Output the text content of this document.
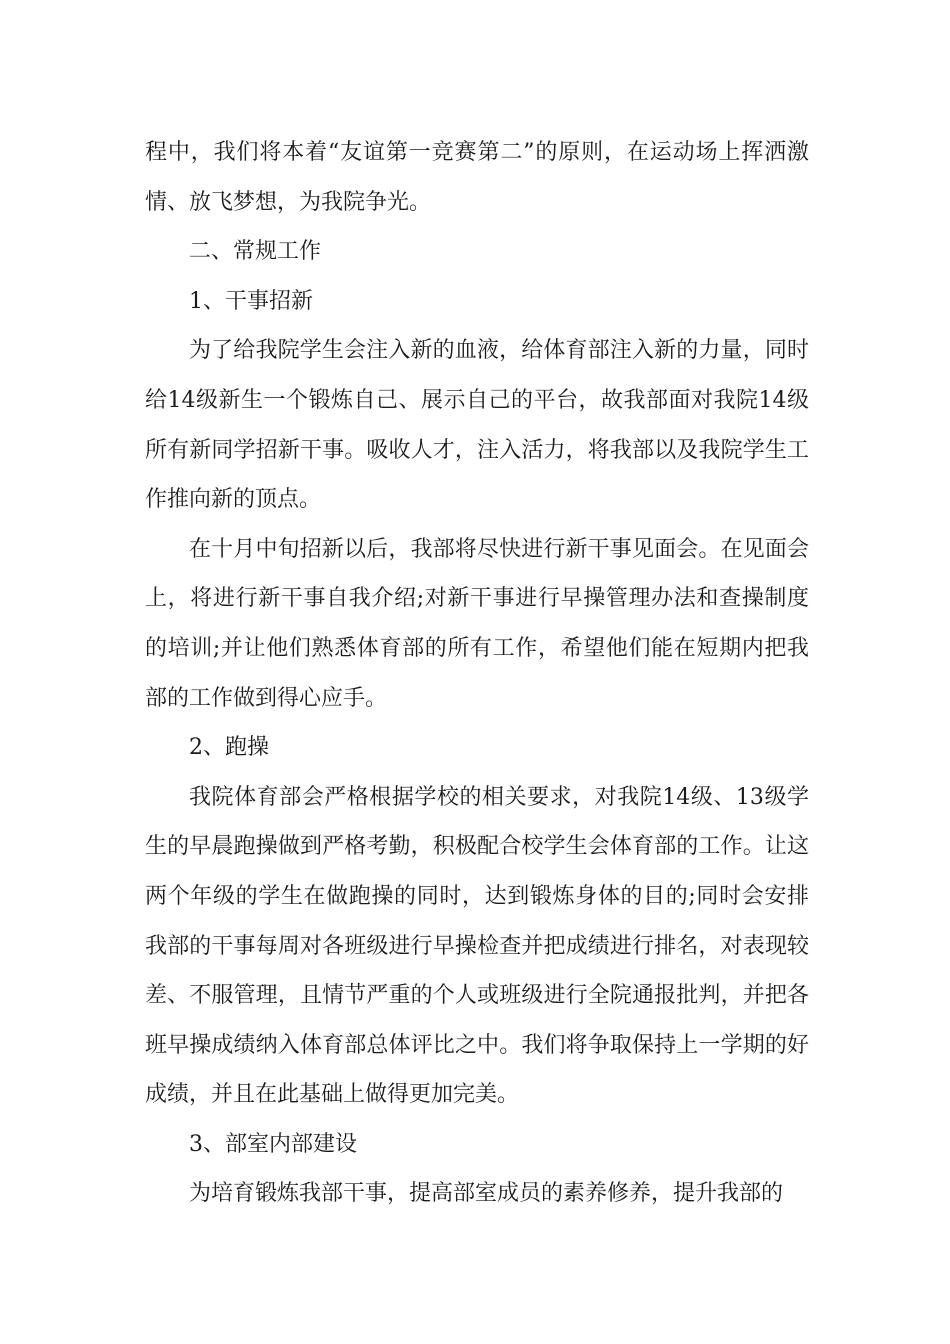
程中，我们将本着“友谊第一竞赛第二”的原则，在运动场上挥洒激情、放飞梦想，为我院争光。

二、常规工作

1、干事招新

为了给我院学生会注入新的血液，给体育部注入新的力量，同时给14级新生一个锻炼自己、展示自己的平台，故我部面对我院14级所有新同学招新干事。吸收人才，注入活力，将我部以及我院学生工作推向新的顶点。

在十月中旬招新以后，我部将尽快进行新干事见面会。在见面会上，将进行新干事自我介绍;对新干事进行早操管理办法和查操制度的培训;并让他们熟悉体育部的所有工作，希望他们能在短期内把我部的工作做到得心应手。

2、跑操

我院体育部会严格根据学校的相关要求，对我院14级、13级学生的早晨跑操做到严格考勤，积极配合校学生会体育部的工作。让这两个年级的学生在做跑操的同时，达到锻炼身体的目的;同时会安排我部的干事每周对各班级进行早操检查并把成绩进行排名，对表现较差、不服管理，且情节严重的个人或班级进行全院通报批判，并把各班早操成绩纳入体育部总体评比之中。我们将争取保持上一学期的好成绩，并且在此基础上做得更加完美。

3、部室内部建设

为培育锻炼我部干事，提高部室成员的素养修养，提升我部的
